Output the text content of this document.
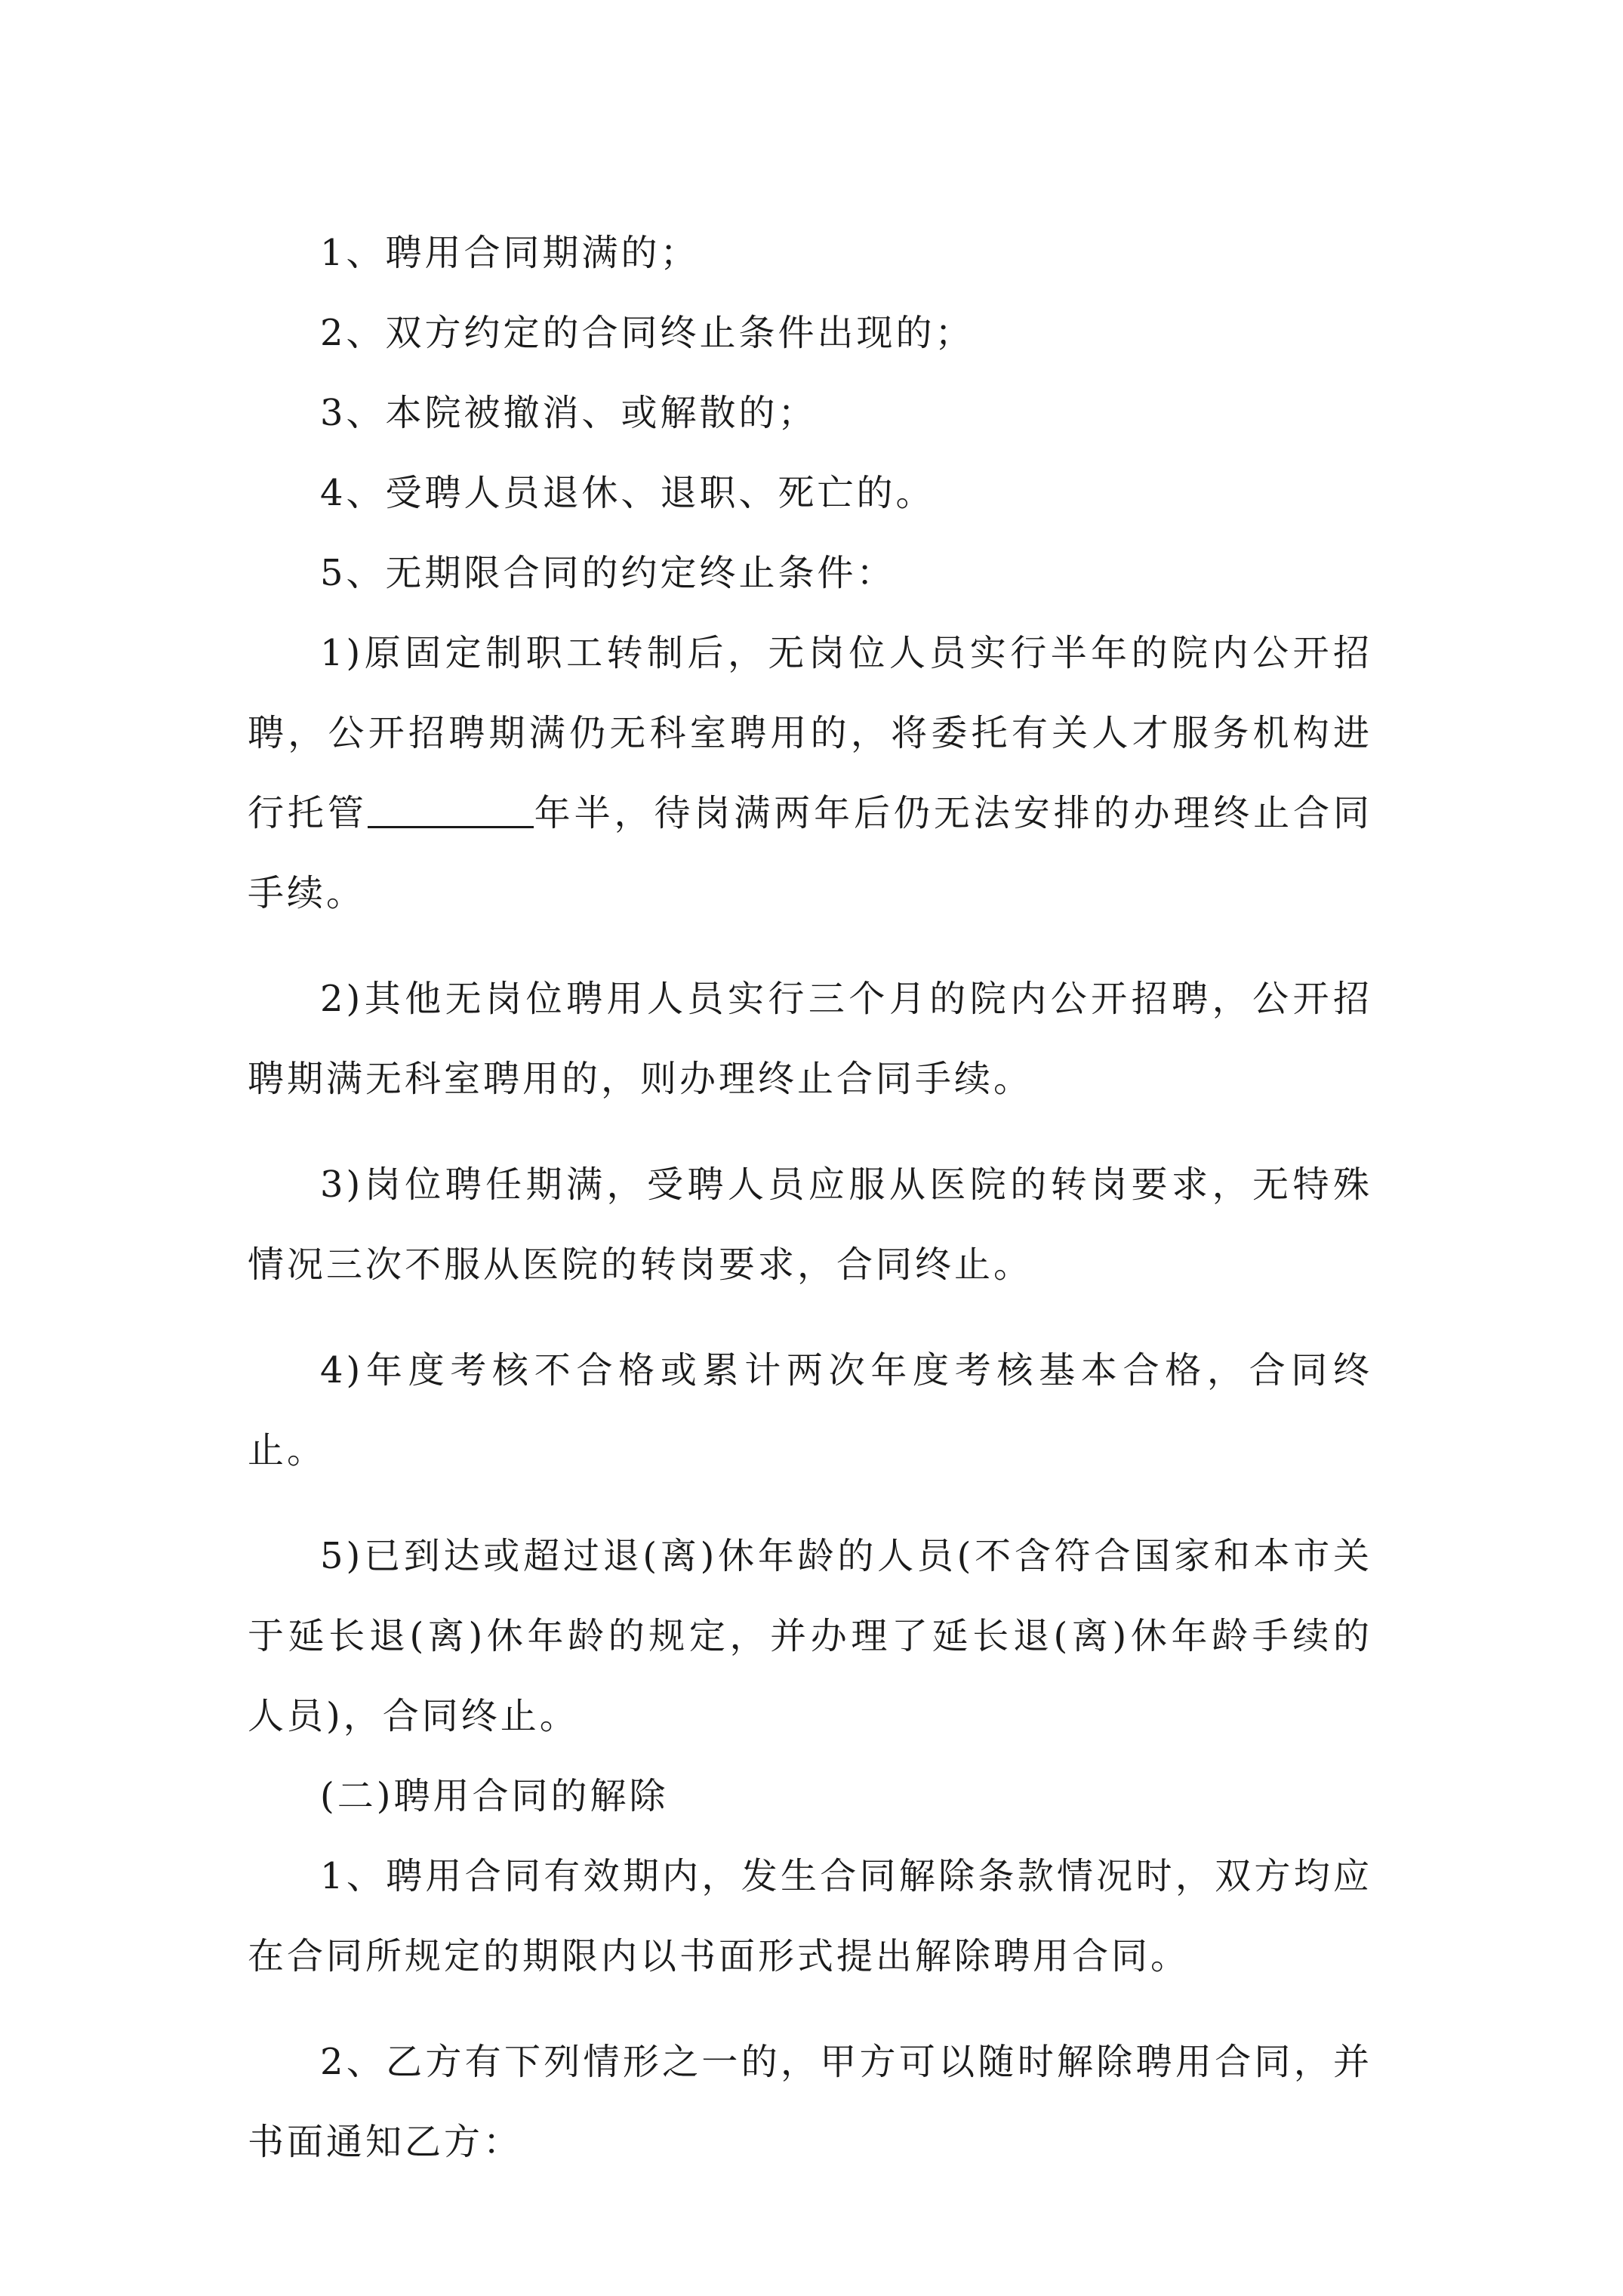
1、聘用合同期满的；

2、双方约定的合同终止条件出现的；

3、本院被撤消、或解散的；

4、受聘人员退休、退职、死亡的。

5、无期限合同的约定终止条件：

1)原固定制职工转制后，无岗位人员实行半年的院内公开招聘，公开招聘期满仍无科室聘用的，将委托有关人才服务机构进行托管	年半，待岗满两年后仍无法安排的办理终止合同手续。

2)其他无岗位聘用人员实行三个月的院内公开招聘，公开招聘期满无科室聘用的，则办理终止合同手续。

3)岗位聘任期满，受聘人员应服从医院的转岗要求，无特殊情况三次不服从医院的转岗要求，合同终止。

4)年度考核不合格或累计两次年度考核基本合格，合同终止。

5)已到达或超过退(离)休年龄的人员(不含符合国家和本市关于延长退(离)休年龄的规定，并办理了延长退(离)休年龄手续的人员)，合同终止。

(二)聘用合同的解除

1、聘用合同有效期内，发生合同解除条款情况时，双方均应在合同所规定的期限内以书面形式提出解除聘用合同。

2、乙方有下列情形之一的，甲方可以随时解除聘用合同，并书面通知乙方：
